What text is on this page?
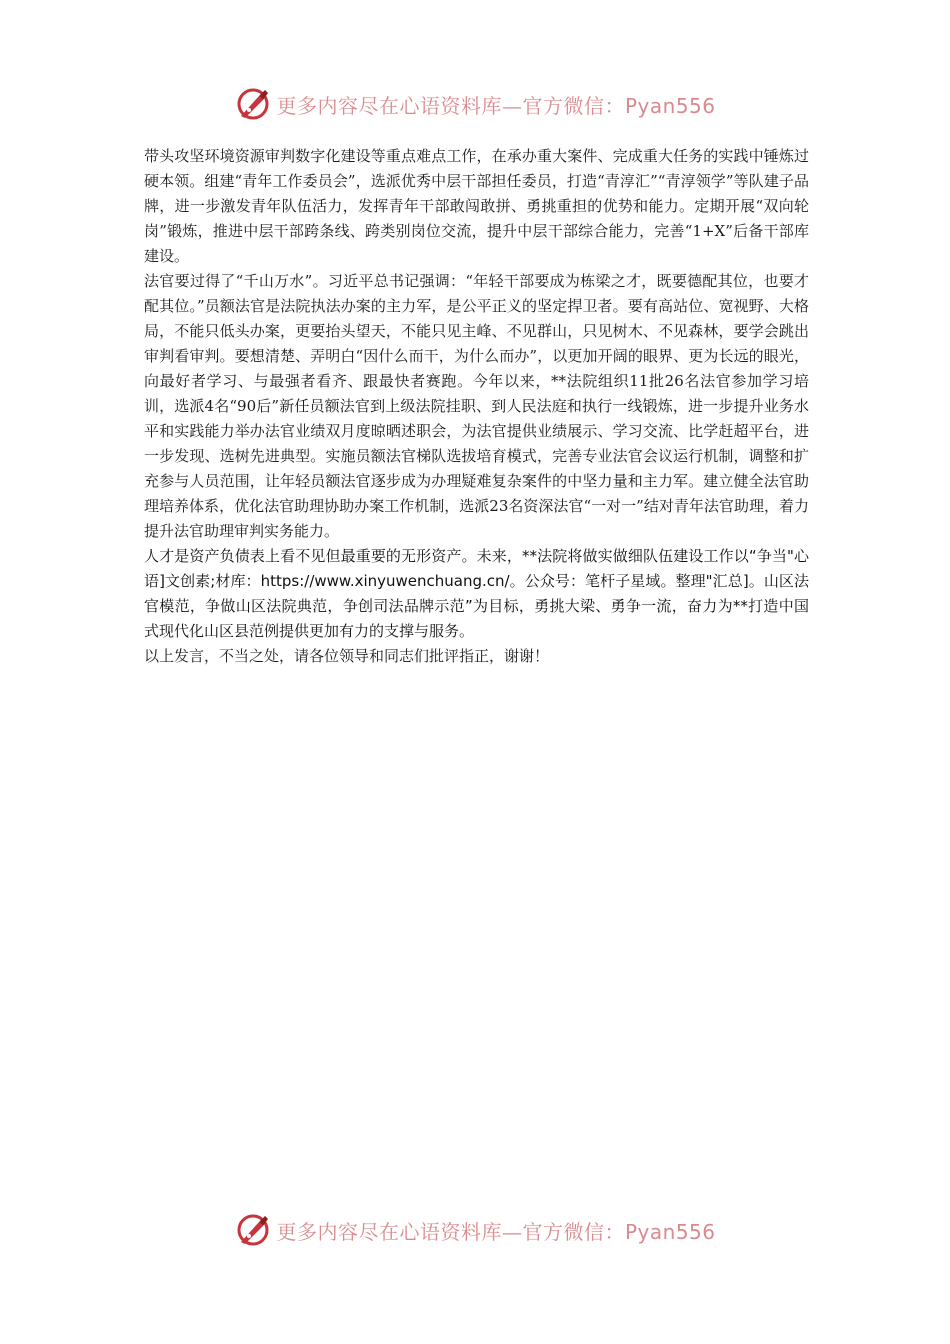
更多内容尽在心语资料库—官方微信：Pyan556

带头攻坚环境资源审判数字化建设等重点难点工作，在承办重大案件、完成重大任务的实践中锤炼过硬本领。组建“青年工作委员会”，选派优秀中层干部担任委员，打造“青淳汇”“青淳领学”等队建子品牌，进一步激发青年队伍活力，发挥青年干部敢闯敢拼、勇挑重担的优势和能力。定期开展“双向轮岗”锻炼，推进中层干部跨条线、跨类别岗位交流，提升中层干部综合能力，完善“1+X”后备干部库建设。

法官要过得了“千山万水”。习近平总书记强调：“年轻干部要成为栋梁之才，既要德配其位，也要才配其位。”员额法官是法院执法办案的主力军，是公平正义的坚定捍卫者。要有高站位、宽视野、大格局，不能只低头办案，更要抬头望天，不能只见主峰、不见群山，只见树木、不见森林，要学会跳出审判看审判。要想清楚、弄明白“因什么而干，为什么而办”，以更加开阔的眼界、更为长远的眼光，向最好者学习、与最强者看齐、跟最快者赛跑。今年以来，**法院组织11批26名法官参加学习培训，选派4名“90后”新任员额法官到上级法院挂职、到人民法庭和执行一线锻炼，进一步提升业务水平和实践能力举办法官业绩双月度晾晒述职会，为法官提供业绩展示、学习交流、比学赶超平台，进一步发现、选树先进典型。实施员额法官梯队选拔培育模式，完善专业法官会议运行机制，调整和扩充参与人员范围，让年轻员额法官逐步成为办理疑难复杂案件的中坚力量和主力军。建立健全法官助理培养体系，优化法官助理协助办案工作机制，选派23名资深法官“一对一”结对青年法官助理，着力提升法官助理审判实务能力。

人才是资产负债表上看不见但最重要的无形资产。未来，**法院将做实做细队伍建设工作以“争当"心语]文创素;材库：https://www.xinyuwenchuang.cn/。公众号：笔杆子星域。整理"汇总]。山区法官模范，争做山区法院典范，争创司法品牌示范”为目标，勇挑大梁、勇争一流，奋力为**打造中国式现代化山区县范例提供更加有力的支撑与服务。

以上发言，不当之处，请各位领导和同志们批评指正，谢谢！

更多内容尽在心语资料库—官方微信：Pyan556
